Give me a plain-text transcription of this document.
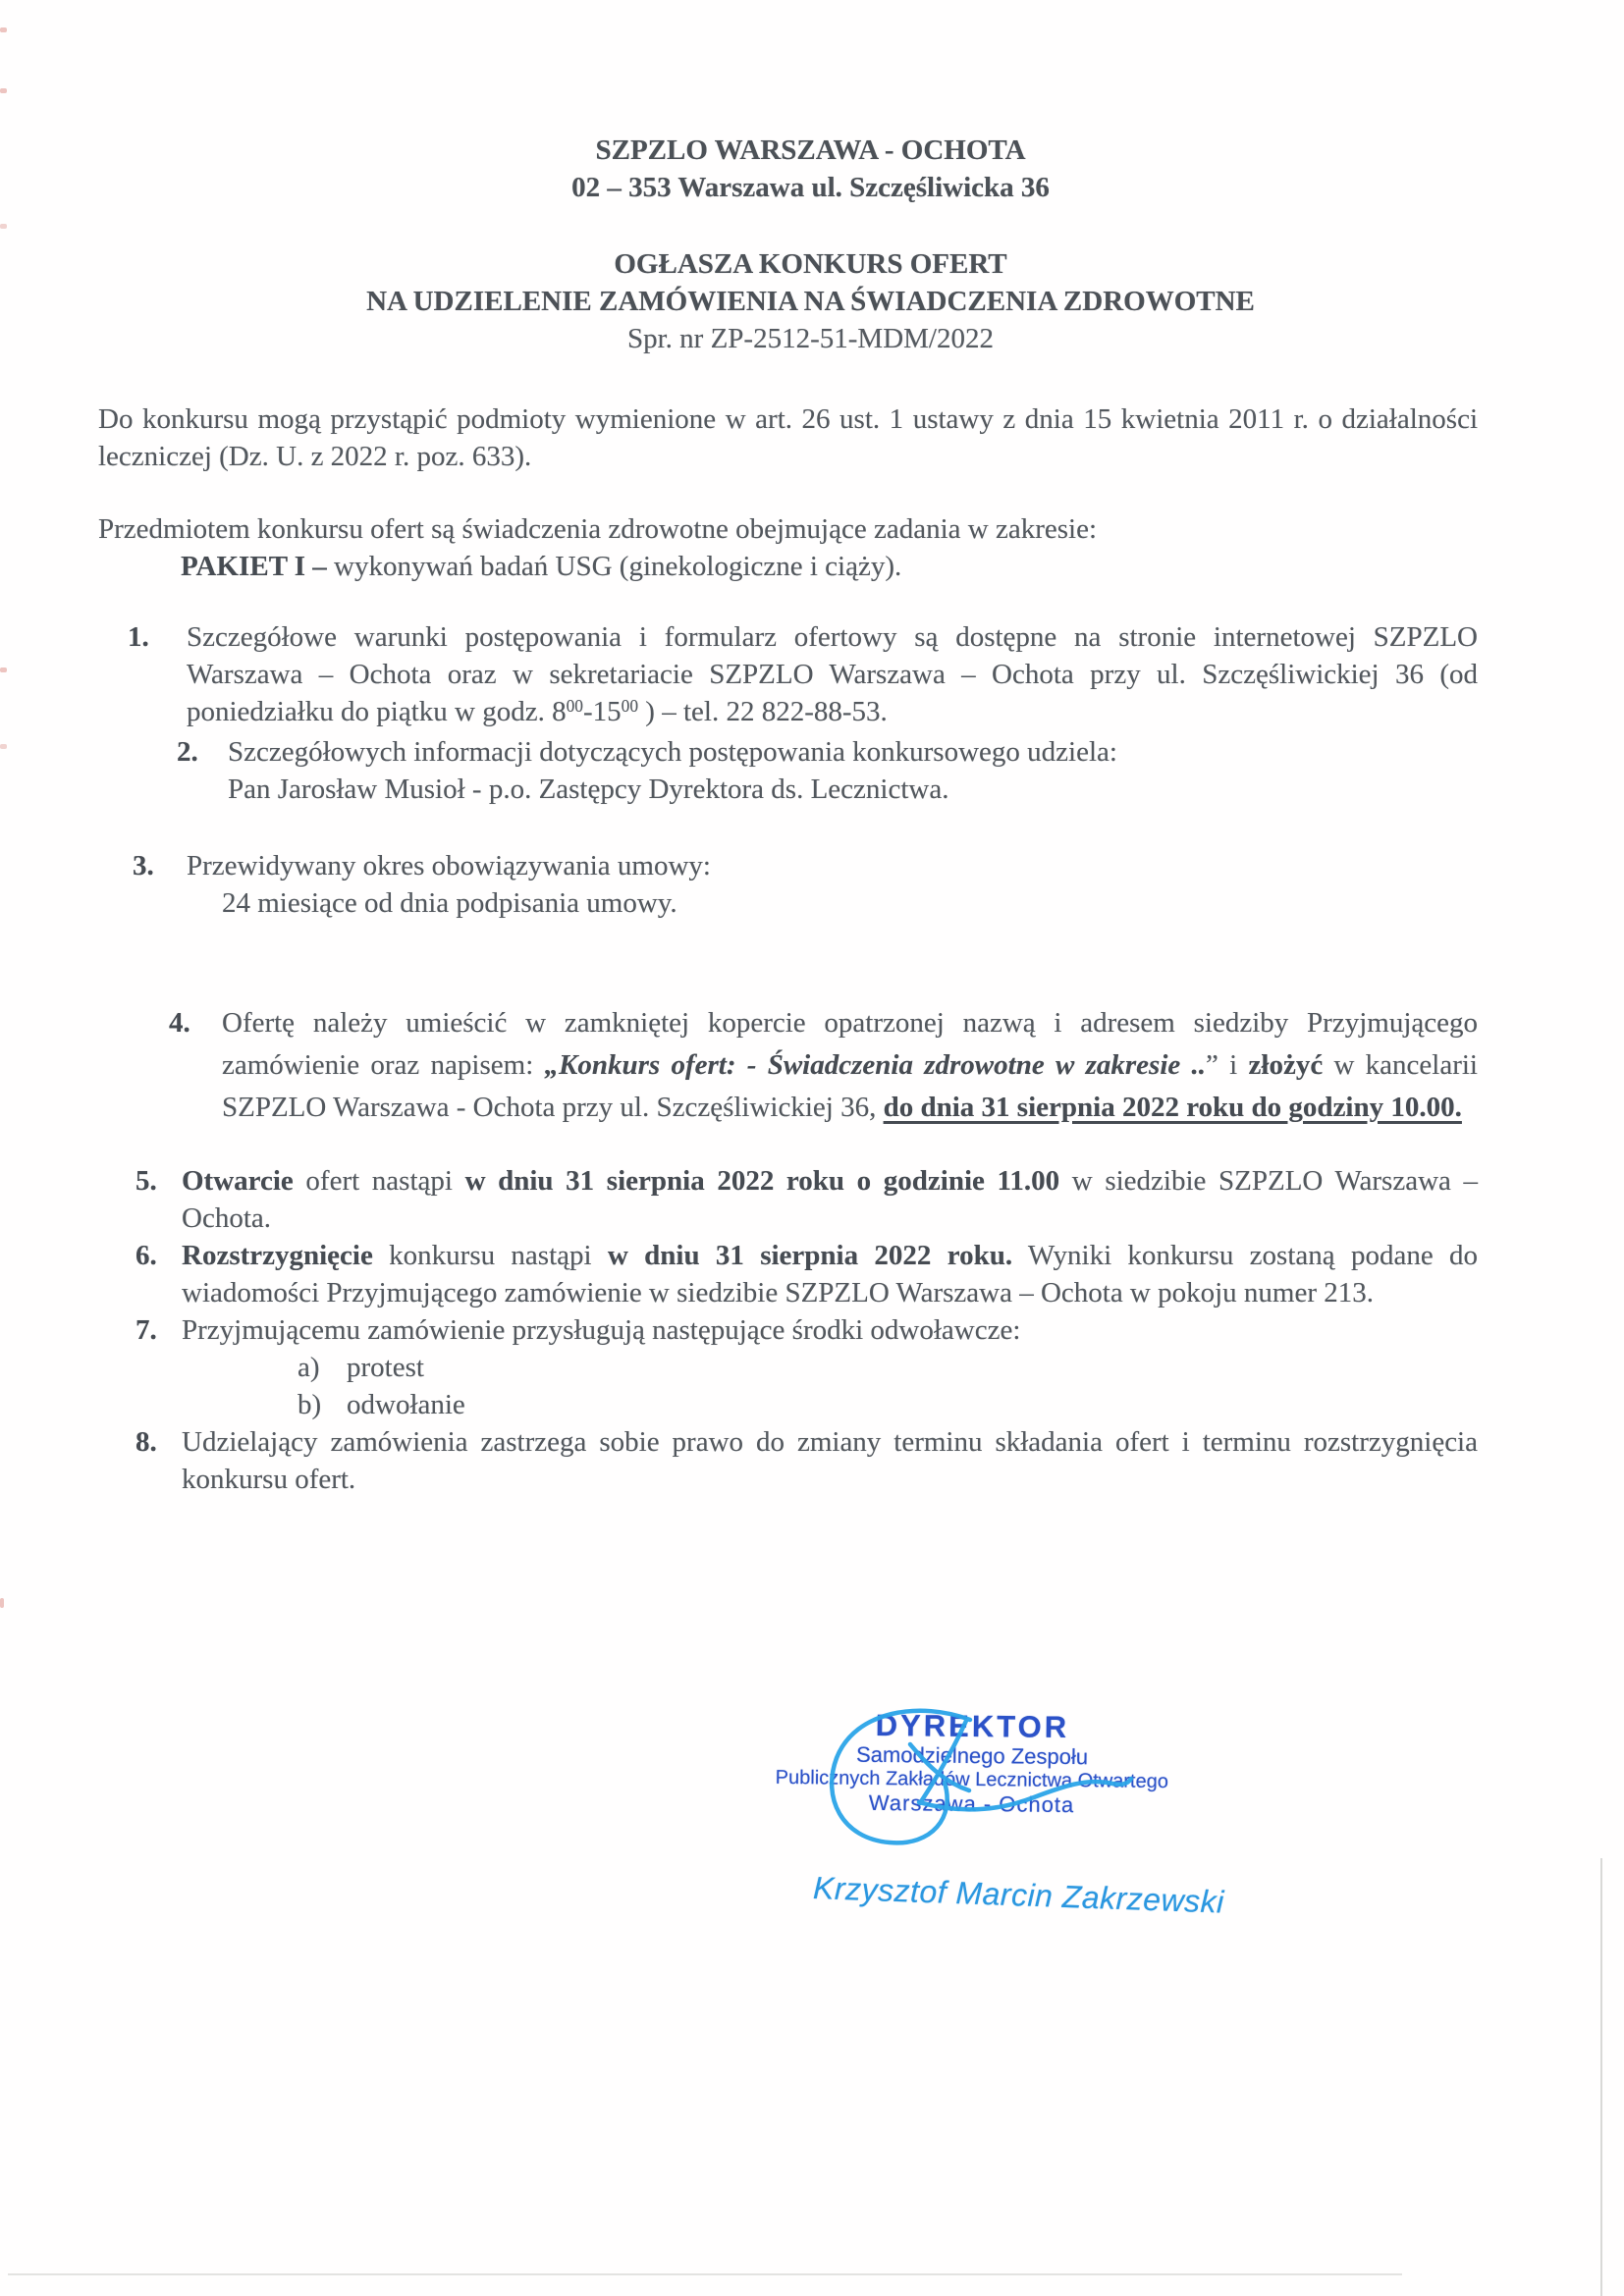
SZPZLO WARSZAWA - OCHOTA
02 – 353 Warszawa ul. Szczęśliwicka 36
OGŁASZA KONKURS OFERT
NA UDZIELENIE ZAMÓWIENIA NA ŚWIADCZENIA ZDROWOTNE
Spr. nr ZP-2512-51-MDM/2022

Do konkursu mogą przystąpić podmioty wymienione w art. 26 ust. 1 ustawy z dnia 15 kwietnia 2011 r. o działalności leczniczej (Dz. U. z 2022 r. poz. 633).

Przedmiotem konkursu ofert są świadczenia zdrowotne obejmujące zadania w zakresie:

PAKIET I – wykonywań badań USG (ginekologiczne i ciąży).

1. Szczegółowe warunki postępowania i formularz ofertowy są dostępne na stronie internetowej SZPZLO Warszawa – Ochota oraz w sekretariacie SZPZLO Warszawa – Ochota przy ul. Szczęśliwickiej 36 (od poniedziałku do piątku w godz. $8^{00}-15^{00}$ ) – tel. 22 822-88-53.

2. Szczegółowych informacji dotyczących postępowania konkursowego udziela:
Pan Jarosław Musioł - p.o. Zastępcy Dyrektora ds. Lecznictwa.

3. Przewidywany okres obowiązywania umowy:
24 miesiące od dnia podpisania umowy.

4. Ofertę należy umieścić w zamkniętej kopercie opatrzonej nazwą i adresem siedziby Przyjmującego zamówienie oraz napisem: „Konkurs ofert: - Świadczenia zdrowotne w zakresie ..” i złożyć w kancelarii SZPZLO Warszawa - Ochota przy ul. Szczęśliwickiej 36, do dnia 31 sierpnia 2022 roku do godziny 10.00.

5. Otwarcie ofert nastąpi w dniu 31 sierpnia 2022 roku o godzinie 11.00 w siedzibie SZPZLO Warszawa – Ochota.

6. Rozstrzygnięcie konkursu nastąpi w dniu 31 sierpnia 2022 roku. Wyniki konkursu zostaną podane do wiadomości Przyjmującego zamówienie w siedzibie SZPZLO Warszawa – Ochota w pokoju numer 213.

7. Przyjmującemu zamówienie przysługują następujące środki odwoławcze:

a) protest

b) odwołanie

8. Udzielający zamówienia zastrzega sobie prawo do zmiany terminu składania ofert i terminu rozstrzygnięcia konkursu ofert.

DYREKTOR
Samodzielnego Zespołu
Publicznych Zakładów Lecznictwa Otwartego
Warszawa - Ochota
Krzysztof Marcin Zakrzewski
